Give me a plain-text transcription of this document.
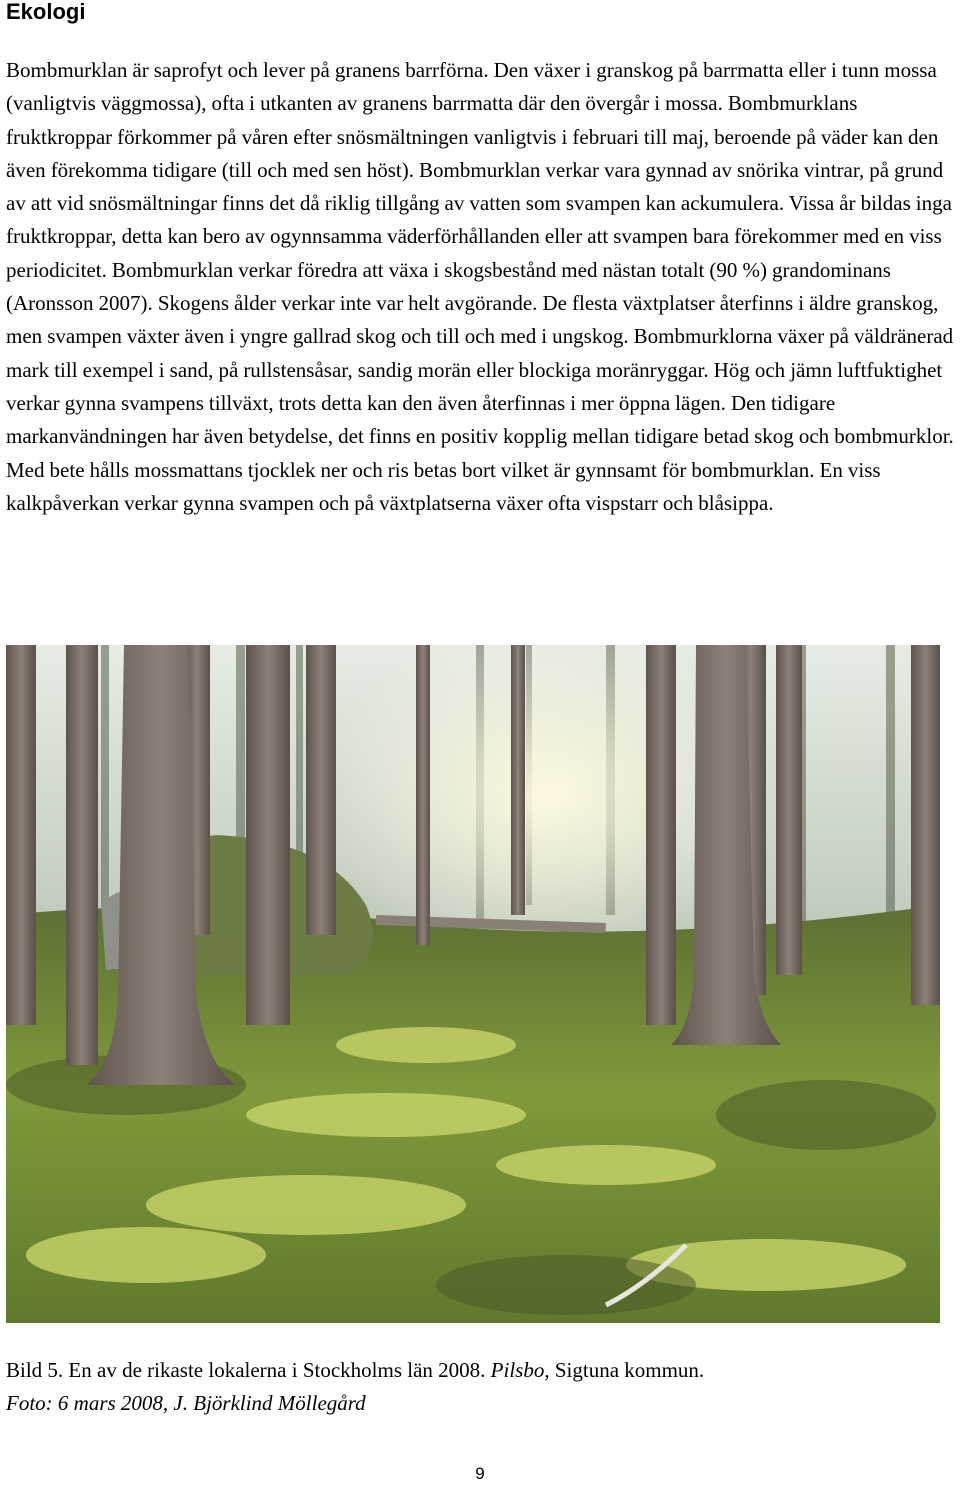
Ekologi

Bombmurklan är saprofyt och lever på granens barrförna. Den växer i granskog på barrmatta eller i tunn mossa (vanligtvis väggmossa), ofta i utkanten av granens barrmatta där den övergår i mossa. Bombmurklans fruktkroppar förkommer på våren efter snösmältningen vanligtvis i februari till maj, beroende på väder kan den även förekomma tidigare (till och med sen höst). Bombmurklan verkar vara gynnad av snörika vintrar, på grund av att vid snösmältningar finns det då riklig tillgång av vatten som svampen kan ackumulera. Vissa år bildas inga fruktkroppar, detta kan bero av ogynnsamma väderförhållanden eller att svampen bara förekommer med en viss periodicitet. Bombmurklan verkar föredra att växa i skogsbestånd med nästan totalt (90 %) grandominans (Aronsson 2007). Skogens ålder verkar inte var helt avgörande. De flesta växtplatser återfinns i äldre granskog, men svampen växter även i yngre gallrad skog och till och med i ungskog. Bombmurklorna växer på väldränerad mark till exempel i sand, på rullstensåsar, sandig morän eller blockiga moränryggar. Hög och jämn luftfuktighet verkar gynna svampens tillväxt, trots detta kan den även återfinnas i mer öppna lägen. Den tidigare markanvändningen har även betydelse, det finns en positiv kopplig mellan tidigare betad skog och bombmurklor. Med bete hålls mossmattans tjocklek ner och ris betas bort vilket är gynnsamt för bombmurklan. En viss kalkpåverkan verkar gynna svampen och på växtplatserna växer ofta vispstarr och blåsippa.

Bild 5. En av de rikaste lokalerna i Stockholms län 2008. Pilsbo, Sigtuna kommun.
Foto: 6 mars 2008, J. Björklind Möllegård

9
